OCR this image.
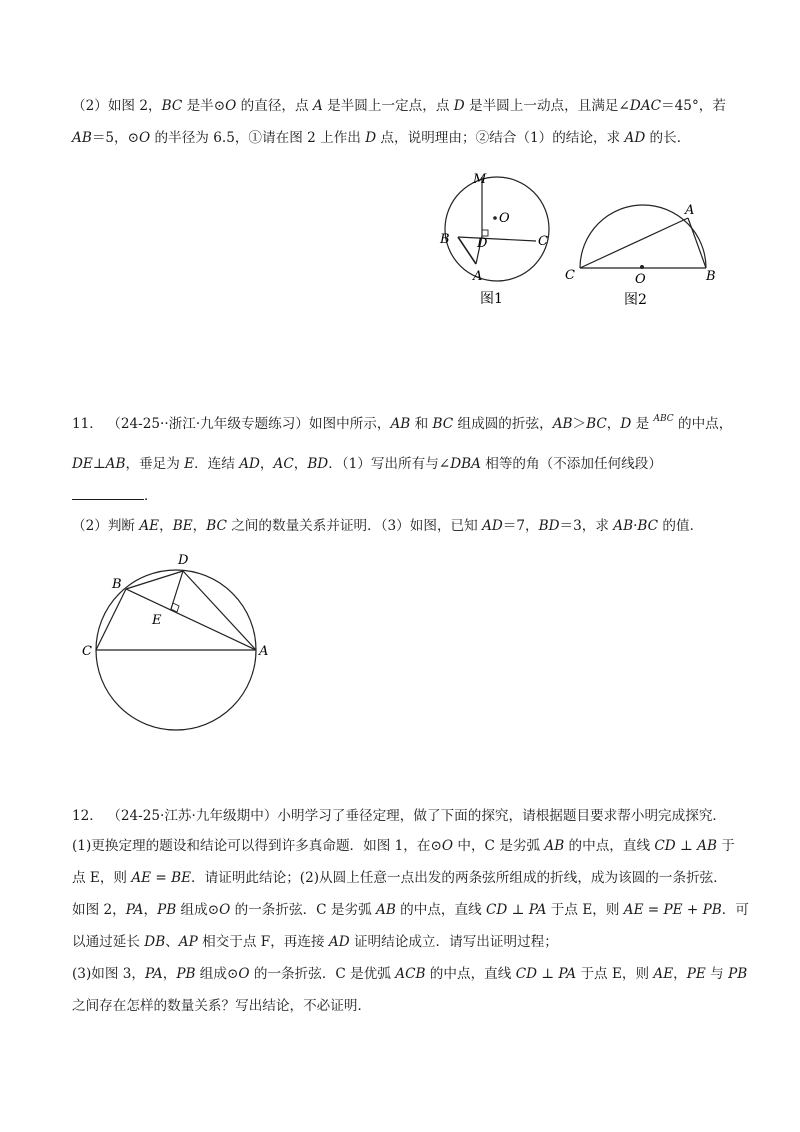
（2）如图 2，BC 是半⊙O 的直径，点 A 是半圆上一定点，点 D 是半圆上一动点，且满足∠DAC＝45°，若
AB＝5，⊙O 的半径为 6.5，①请在图 2 上作出 D 点，说明理由；②结合（1）的结论，求 AD 的长．
M
O
B D	C
A
图1
A
C	O	B
图2
11． （24-25··浙江·九年级专题练习）如图中所示，AB 和 BC 组成圆的折弦，AB＞BC，D 是 $^{ABC}$ 的中点，
DE⊥AB，垂足为 E．连结 AD，AC，BD．（1）写出所有与∠DBA 相等的角（不添加任何线段）
．
（2）判断 AE，BE，BC 之间的数量关系并证明．（3）如图，已知 AD＝7，BD＝3，求 AB·BC 的值．
D
B
E
C	A
12． （24-25·江苏·九年级期中）小明学习了垂径定理，做了下面的探究，请根据题目要求帮小明完成探究．
(1)更换定理的题设和结论可以得到许多真命题．如图 1，在⊙O 中，C 是劣弧 AB 的中点，直线 CD ⊥ AB 于
点 E，则 AE = BE．请证明此结论；(2)从圆上任意一点出发的两条弦所组成的折线，成为该圆的一条折弦．
如图 2，PA，PB 组成⊙O 的一条折弦．C 是劣弧 AB 的中点，直线 CD ⊥ PA 于点 E，则 AE = PE + PB．可
以通过延长 DB、AP 相交于点 F，再连接 AD 证明结论成立．请写出证明过程；
(3)如图 3，PA，PB 组成⊙O 的一条折弦．C 是优弧 ACB 的中点，直线 CD ⊥ PA 于点 E，则 AE，PE 与 PB
之间存在怎样的数量关系？写出结论，不必证明．
